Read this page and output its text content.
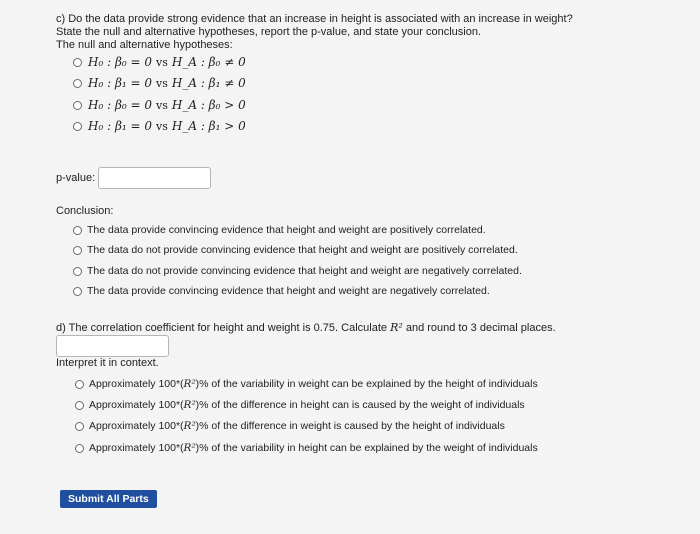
c) Do the data provide strong evidence that an increase in height is associated with an increase in weight?
State the null and alternative hypotheses, report the p-value, and state your conclusion.
The null and alternative hypotheses:
H₀ : β₀ = 0 vs H_A : β₀ ≠ 0
H₀ : β₁ = 0 vs H_A : β₁ ≠ 0
H₀ : β₀ = 0 vs H_A : β₀ > 0
H₀ : β₁ = 0 vs H_A : β₁ > 0
p-value:
Conclusion:
The data provide convincing evidence that height and weight are positively correlated.
The data do not provide convincing evidence that height and weight are positively correlated.
The data do not provide convincing evidence that height and weight are negatively correlated.
The data provide convincing evidence that height and weight are negatively correlated.
d) The correlation coefficient for height and weight is 0.75. Calculate R² and round to 3 decimal places.
Interpret it in context.
Approximately 100*( R² )% of the variability in weight can be explained by the height of individuals
Approximately 100*( R² )% of the difference in height can is caused by the weight of individuals
Approximately 100*( R² )% of the difference in weight is caused by the height of individuals
Approximately 100*( R² )% of the variability in height can be explained by the weight of individuals
Submit All Parts
